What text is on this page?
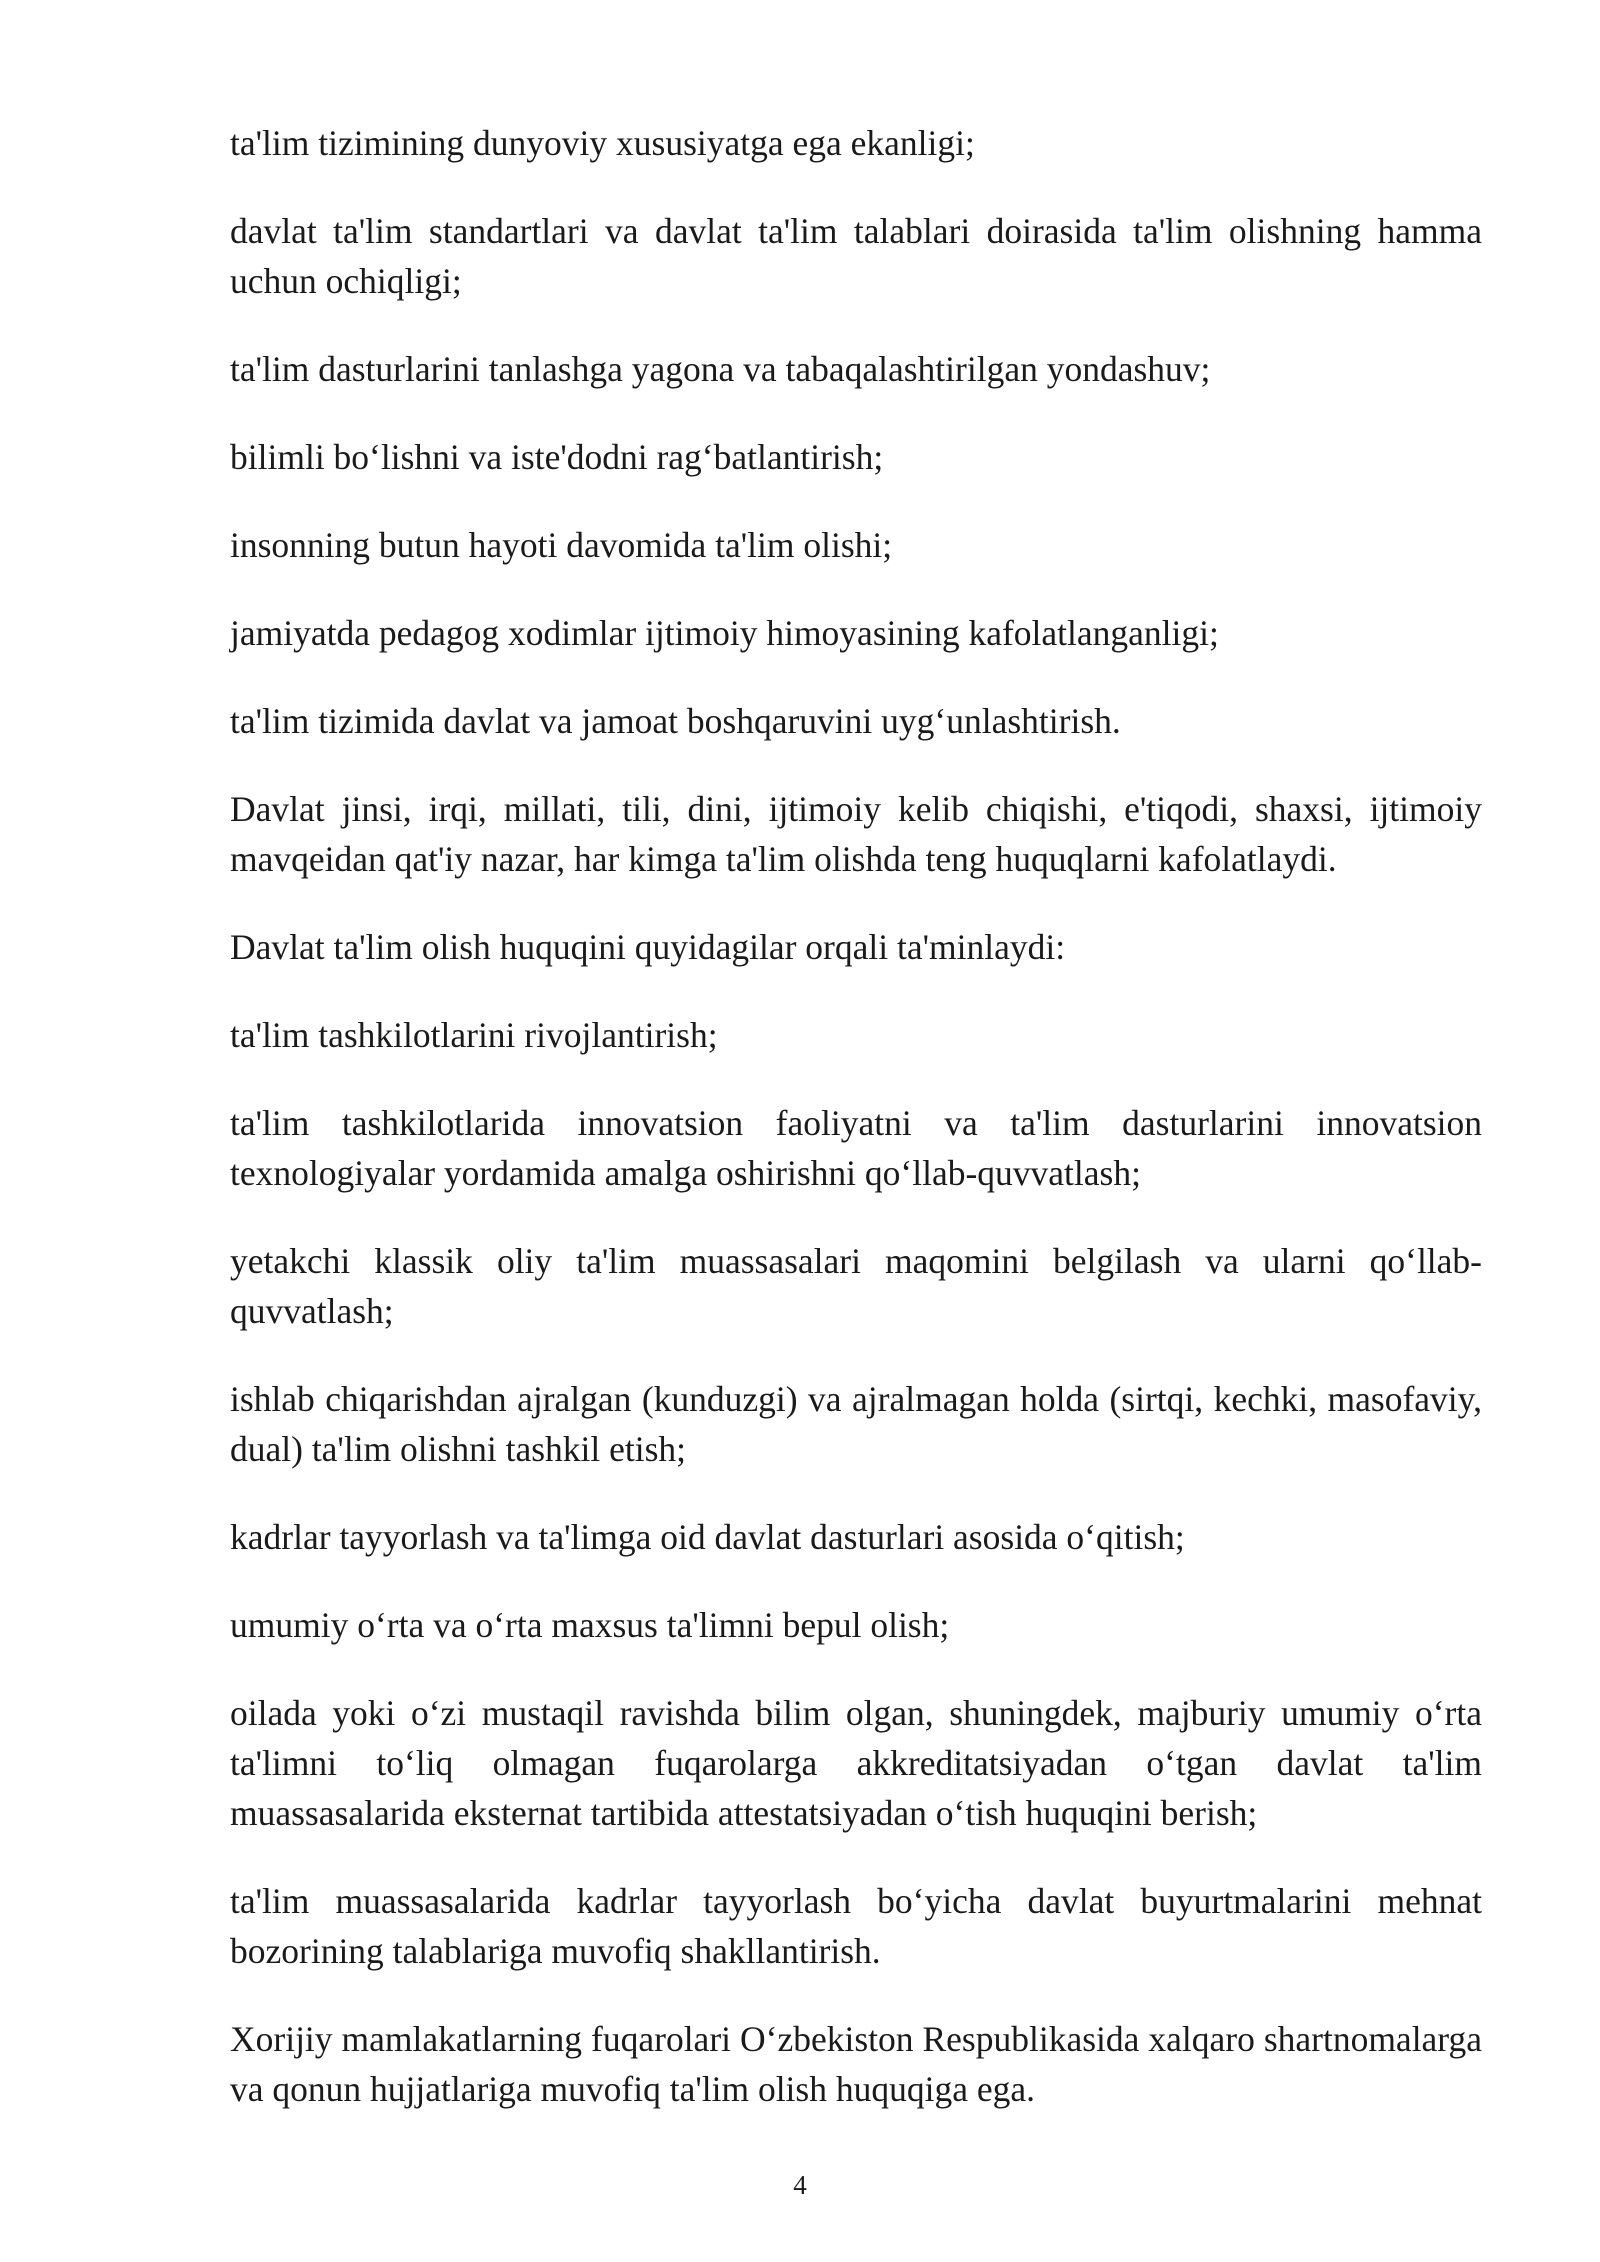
ta'lim tizimining dunyoviy xususiyatga ega ekanligi;

davlat ta'lim standartlari va davlat ta'lim talablari doirasida ta'lim olishning hamma uchun ochiqligi;

ta'lim dasturlarini tanlashga yagona va tabaqalashtirilgan yondashuv;

bilimli bo‘lishni va iste'dodni rag‘batlantirish;

insonning butun hayoti davomida ta'lim olishi;

jamiyatda pedagog xodimlar ijtimoiy himoyasining kafolatlanganligi;

ta'lim tizimida davlat va jamoat boshqaruvini uyg‘unlashtirish.

Davlat jinsi, irqi, millati, tili, dini, ijtimoiy kelib chiqishi, e'tiqodi, shaxsi, ijtimoiy mavqeidan qat'iy nazar, har kimga ta'lim olishda teng huquqlarni kafolatlaydi.

Davlat ta'lim olish huquqini quyidagilar orqali ta'minlaydi:

ta'lim tashkilotlarini rivojlantirish;

ta'lim tashkilotlarida innovatsion faoliyatni va ta'lim dasturlarini innovatsion texnologiyalar yordamida amalga oshirishni qo‘llab-quvvatlash;

yetakchi klassik oliy ta'lim muassasalari maqomini belgilash va ularni qo‘llab-quvvatlash;

ishlab chiqarishdan ajralgan (kunduzgi) va ajralmagan holda (sirtqi, kechki, masofaviy, dual) ta'lim olishni tashkil etish;

kadrlar tayyorlash va ta'limga oid davlat dasturlari asosida o‘qitish;

umumiy o‘rta va o‘rta maxsus ta'limni bepul olish;

oilada yoki o‘zi mustaqil ravishda bilim olgan, shuningdek, majburiy umumiy o‘rta ta'limni to‘liq olmagan fuqarolarga akkreditatsiyadan o‘tgan davlat ta'lim muassasalarida eksternat tartibida attestatsiyadan o‘tish huquqini berish;

ta'lim muassasalarida kadrlar tayyorlash bo‘yicha davlat buyurtmalarini mehnat bozorining talablariga muvofiq shakllantirish.

Xorijiy mamlakatlarning fuqarolari O‘zbekiston Respublikasida xalqaro shartnomalarga va qonun hujjatlariga muvofiq ta'lim olish huquqiga ega.

4
